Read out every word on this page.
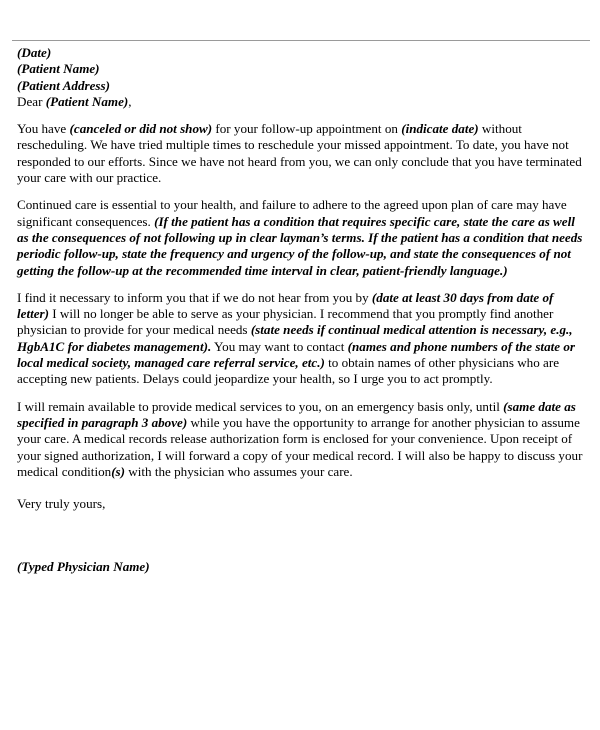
(Date)

(Patient Name)

(Patient Address)

Dear (Patient Name),

You have (canceled or did not show) for your follow-up appointment on (indicate date) without rescheduling. We have tried multiple times to reschedule your missed appointment. To date, you have not responded to our efforts. Since we have not heard from you, we can only conclude that you have terminated your care with our practice.

Continued care is essential to your health, and failure to adhere to the agreed upon plan of care may have significant consequences. (If the patient has a condition that requires specific care, state the care as well as the consequences of not following up in clear layman’s terms. If the patient has a condition that needs periodic follow-up, state the frequency and urgency of the follow-up, and state the consequences of not getting the follow-up at the recommended time interval in clear, patient-friendly language.)

I find it necessary to inform you that if we do not hear from you by (date at least 30 days from date of letter) I will no longer be able to serve as your physician. I recommend that you promptly find another physician to provide for your medical needs (state needs if continual medical attention is necessary, e.g., HgbA1C for diabetes management). You may want to contact (names and phone numbers of the state or local medical society, managed care referral service, etc.) to obtain names of other physicians who are accepting new patients. Delays could jeopardize your health, so I urge you to act promptly.

I will remain available to provide medical services to you, on an emergency basis only, until (same date as specified in paragraph 3 above) while you have the opportunity to arrange for another physician to assume your care. A medical records release authorization form is enclosed for your convenience. Upon receipt of your signed authorization, I will forward a copy of your medical record. I will also be happy to discuss your medical condition(s) with the physician who assumes your care.

Very truly yours,

(Typed Physician Name)
